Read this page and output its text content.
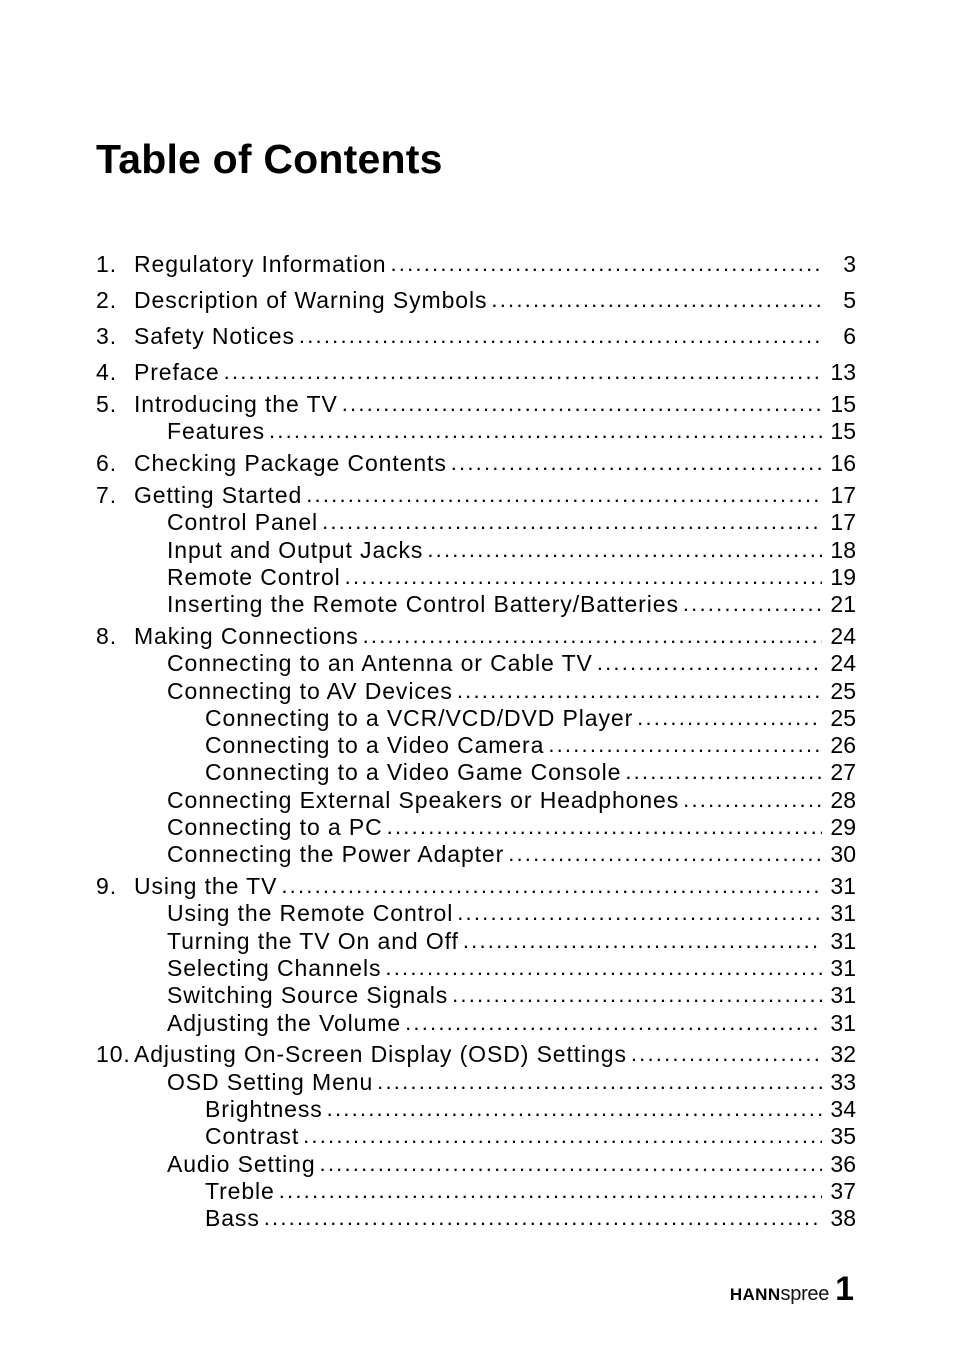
Table of Contents
1. Regulatory Information .....	3
2. Description of Warning Symbols .....	5
3. Safety Notices .....	6
4. Preface .....	13
5. Introducing the TV .....	15
Features .....	15
6. Checking Package Contents .....	16
7. Getting Started .....	17
Control Panel .....	17
Input and Output Jacks .....	18
Remote Control .....	19
Inserting the Remote Control Battery/Batteries .....	21
8. Making Connections .....	24
Connecting to an Antenna or Cable TV .....	24
Connecting to AV Devices .....	25
Connecting to a VCR/VCD/DVD Player .....	25
Connecting to a Video Camera .....	26
Connecting to a Video Game Console .....	27
Connecting External Speakers or Headphones .....	28
Connecting to a PC .....	29
Connecting the Power Adapter .....	30
9. Using the TV .....	31
Using the Remote Control .....	31
Turning the TV On and Off .....	31
Selecting Channels .....	31
Switching Source Signals .....	31
Adjusting the Volume .....	31
10. Adjusting On-Screen Display (OSD) Settings .....	32
OSD Setting Menu .....	33
Brightness .....	34
Contrast .....	35
Audio Setting .....	36
Treble .....	37
Bass .....	38
HANNspree 1
